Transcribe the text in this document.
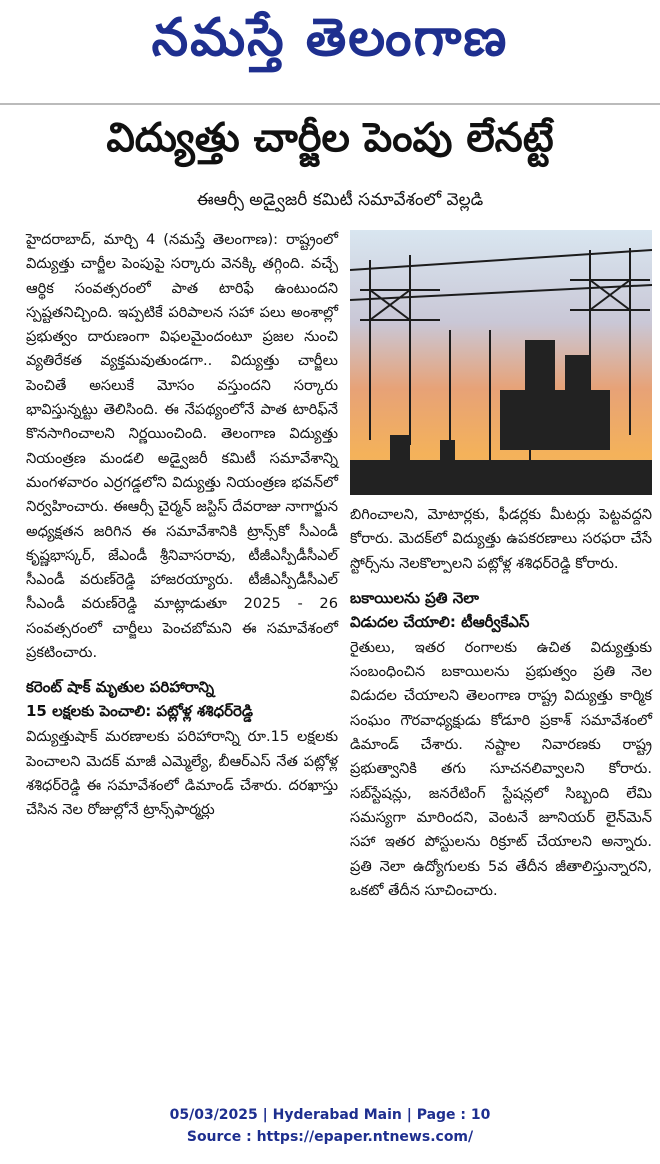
నమస్తే తెలంగాణ
విద్యుత్తు చార్జీల పెంపు లేనట్టే
ఈఆర్సీ అడ్వైజరీ కమిటీ సమావేశంలో వెల్లడి

హైదరాబాద్, మార్చి 4 (నమస్తే తెలంగాణ): రాష్ట్రంలో విద్యుత్తు చార్జీల పెంపుపై సర్కారు వెనక్కి తగ్గింది. వచ్చే ఆర్థిక సంవత్సరంలో పాత టారిఫే ఉంటుందని స్పష్టతనిచ్చింది. ఇప్పటికే పరిపాలన సహా పలు అంశాల్లో ప్రభుత్వం దారుణంగా విఫలమైందంటూ ప్రజల నుంచి వ్యతిరేకత వ్యక్తమవుతుండగా.. విద్యుత్తు చార్జీలు పెంచితే అసలుకే మోసం వస్తుందని సర్కారు భావిస్తున్నట్టు తెలిసింది. ఈ నేపథ్యంలోనే పాత టారిఫ్‌నే కొనసాగించాలని నిర్ణయించింది. తెలంగాణ విద్యుత్తు నియంత్రణ మండలి అడ్వైజరీ కమిటీ సమావేశాన్ని మంగళవారం ఎర్రగడ్డలోని విద్యుత్తు నియంత్రణ భవన్‌లో నిర్వహించారు. ఈఆర్సీ చైర్మన్ జస్టిస్ దేవరాజు నాగార్జున అధ్యక్షతన జరిగిన ఈ సమావేశానికి ట్రాన్స్‌కో సీఎండీ కృష్ణభాస్కర్, జేఎండీ శ్రీనివాసరావు, టీజీఎస్పీడీసీఎల్ సీఎండీ వరుణ్‌రెడ్డి హాజరయ్యారు. టీజీఎస్పీడీసీఎల్ సీఎండీ వరుణ్‌రెడ్డి మాట్లాడుతూ 2025 - 26 సంవత్సరంలో చార్జీలు పెంచబోమని ఈ సమావేశంలో ప్రకటించారు.

కరెంట్ షాక్ మృతుల పరిహారాన్ని
15 లక్షలకు పెంచాలి: పట్లోళ్ల శశిధర్‌రెడ్డి

విద్యుత్తుషాక్ మరణాలకు పరిహారాన్ని రూ.15 లక్షలకు పెంచాలని మెదక్ మాజీ ఎమ్మెల్యే, బీఆర్ఎస్ నేత పట్లోళ్ల శశిధర్‌రెడ్డి ఈ సమావేశంలో డిమాండ్ చేశారు. దరఖాస్తు చేసిన నెల రోజుల్లోనే ట్రాన్స్‌ఫార్మర్లు

బిగించాలని, మోటార్లకు, ఫీడర్లకు మీటర్లు పెట్టవద్దని కోరారు. మెదక్‌లో విద్యుత్తు ఉపకరణాలు సరఫరా చేసే స్టోర్స్‌ను నెలకొల్పాలని పట్లోళ్ల శశిధర్‌రెడ్డి కోరారు.

బకాయిలను ప్రతి నెలా
విడుదల చేయాలి: టీఆర్వీకేఎస్

రైతులు, ఇతర రంగాలకు ఉచిత విద్యుత్తుకు సంబంధించిన బకాయిలను ప్రభుత్వం ప్రతి నెల విడుదల చేయాలని తెలంగాణ రాష్ట్ర విద్యుత్తు కార్మిక సంఘం గౌరవాధ్యక్షుడు కోడూరి ప్రకాశ్ సమావేశంలో డిమాండ్ చేశారు. నష్టాల నివారణకు రాష్ట్ర ప్రభుత్వానికి తగు సూచనలివ్వాలని కోరారు. సబ్‌స్టేషన్లు, జనరేటింగ్ స్టేషన్లలో సిబ్బంది లేమి సమస్యగా మారిందని, వెంటనే జూనియర్ లైన్‌మెన్ సహా ఇతర పోస్టులను రిక్రూట్ చేయాలని అన్నారు. ప్రతి నెలా ఉద్యోగులకు 5వ తేదీన జీతాలిస్తున్నారని, ఒకటో తేదీన సూచించారు.

05/03/2025 | Hyderabad Main | Page : 10
Source : https://epaper.ntnews.com/
